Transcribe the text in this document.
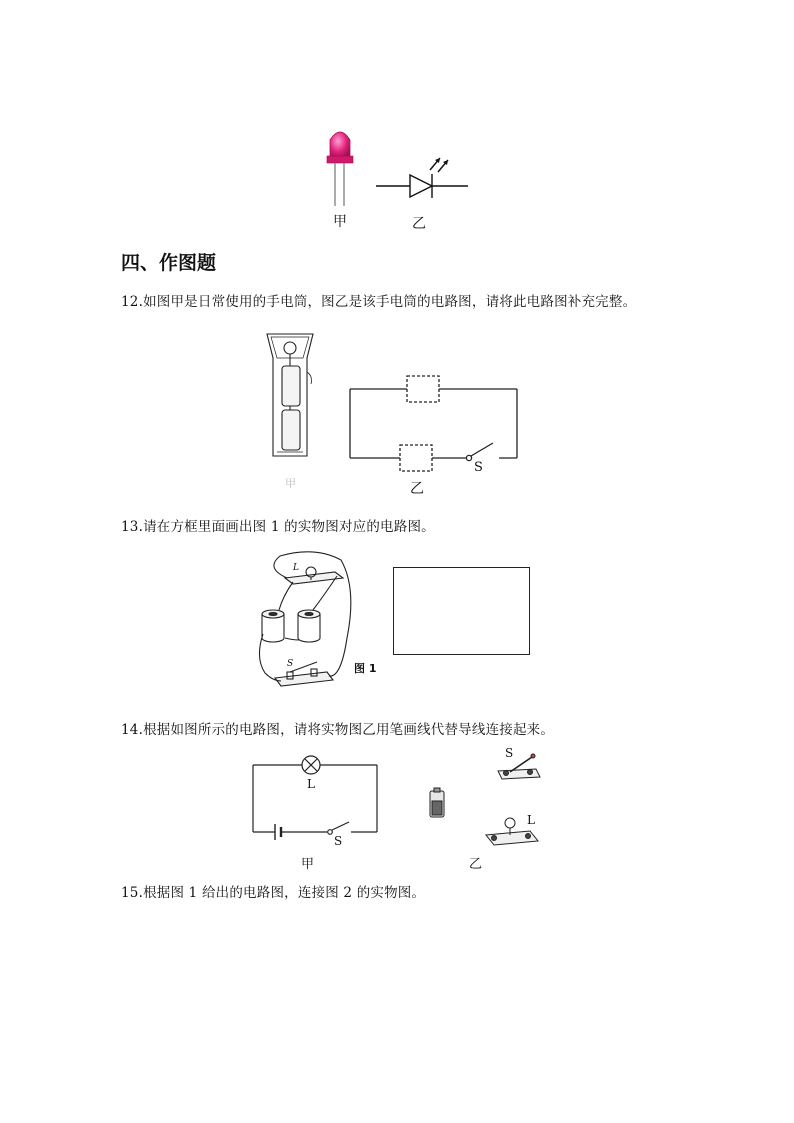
甲	乙
四、作图题
12.如图甲是日常使用的手电筒，图乙是该手电筒的电路图，请将此电路图补充完整。
甲	乙
S
13.请在方框里面画出图 1 的实物图对应的电路图。
L
S	图 1
14.根据如图所示的电路图，请将实物图乙用笔画线代替导线连接起来。
L
S
甲
S
L
乙
15.根据图 1 给出的电路图，连接图 2 的实物图。
